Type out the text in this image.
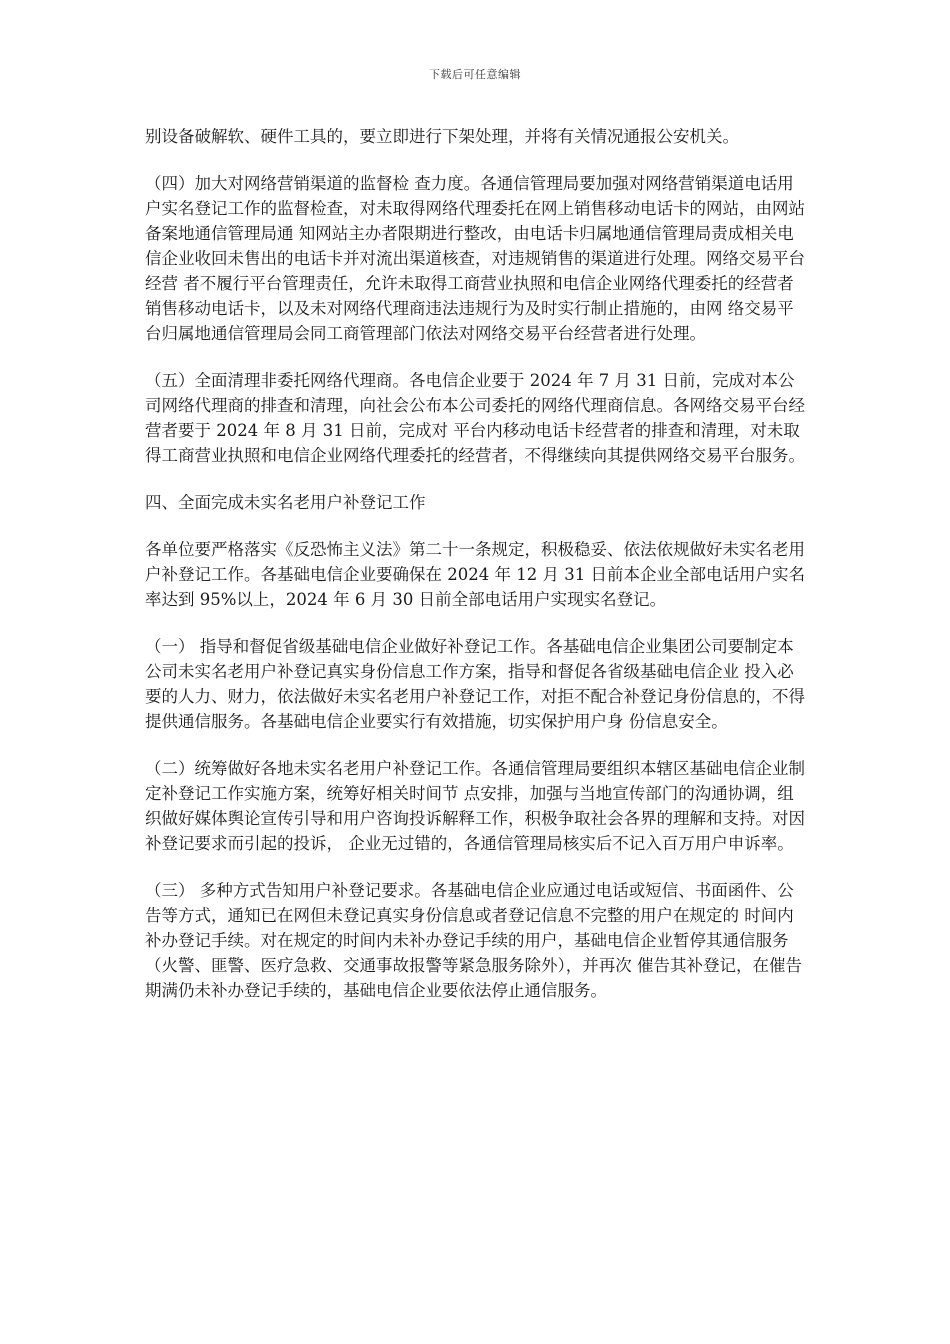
下载后可任意编辑

别设备破解软、硬件工具的，要立即进行下架处理，并将有关情况通报公安机关。

（四）加大对网络营销渠道的监督检 查力度。各通信管理局要加强对网络营销渠道电话用户实名登记工作的监督检查，对未取得网络代理委托在网上销售移动电话卡的网站，由网站备案地通信管理局通 知网站主办者限期进行整改，由电话卡归属地通信管理局责成相关电信企业收回未售出的电话卡并对流出渠道核查，对违规销售的渠道进行处理。网络交易平台经营 者不履行平台管理责任，允许未取得工商营业执照和电信企业网络代理委托的经营者销售移动电话卡，以及未对网络代理商违法违规行为及时实行制止措施的，由网 络交易平台归属地通信管理局会同工商管理部门依法对网络交易平台经营者进行处理。

（五）全面清理非委托网络代理商。各电信企业要于 2024 年 7 月 31 日前，完成对本公司网络代理商的排查和清理，向社会公布本公司委托的网络代理商信息。各网络交易平台经营者要于 2024 年 8 月 31 日前，完成对 平台内移动电话卡经营者的排查和清理，对未取得工商营业执照和电信企业网络代理委托的经营者，不得继续向其提供网络交易平台服务。

四、全面完成未实名老用户补登记工作

各单位要严格落实《反恐怖主义法》第二十一条规定，积极稳妥、依法依规做好未实名老用户补登记工作。各基础电信企业要确保在 2024 年 12 月 31 日前本企业全部电话用户实名率达到 95%以上，2024 年 6 月 30 日前全部电话用户实现实名登记。

（一） 指导和督促省级基础电信企业做好补登记工作。各基础电信企业集团公司要制定本公司未实名老用户补登记真实身份信息工作方案，指导和督促各省级基础电信企业 投入必要的人力、财力，依法做好未实名老用户补登记工作，对拒不配合补登记身份信息的，不得提供通信服务。各基础电信企业要实行有效措施，切实保护用户身 份信息安全。

（二）统筹做好各地未实名老用户补登记工作。各通信管理局要组织本辖区基础电信企业制定补登记工作实施方案，统筹好相关时间节 点安排，加强与当地宣传部门的沟通协调，组织做好媒体舆论宣传引导和用户咨询投诉解释工作，积极争取社会各界的理解和支持。对因补登记要求而引起的投诉， 企业无过错的，各通信管理局核实后不记入百万用户申诉率。

（三） 多种方式告知用户补登记要求。各基础电信企业应通过电话或短信、书面函件、公告等方式，通知已在网但未登记真实身份信息或者登记信息不完整的用户在规定的 时间内补办登记手续。对在规定的时间内未补办登记手续的用户，基础电信企业暂停其通信服务（火警、匪警、医疗急救、交通事故报警等紧急服务除外），并再次 催告其补登记，在催告期满仍未补办登记手续的，基础电信企业要依法停止通信服务。
